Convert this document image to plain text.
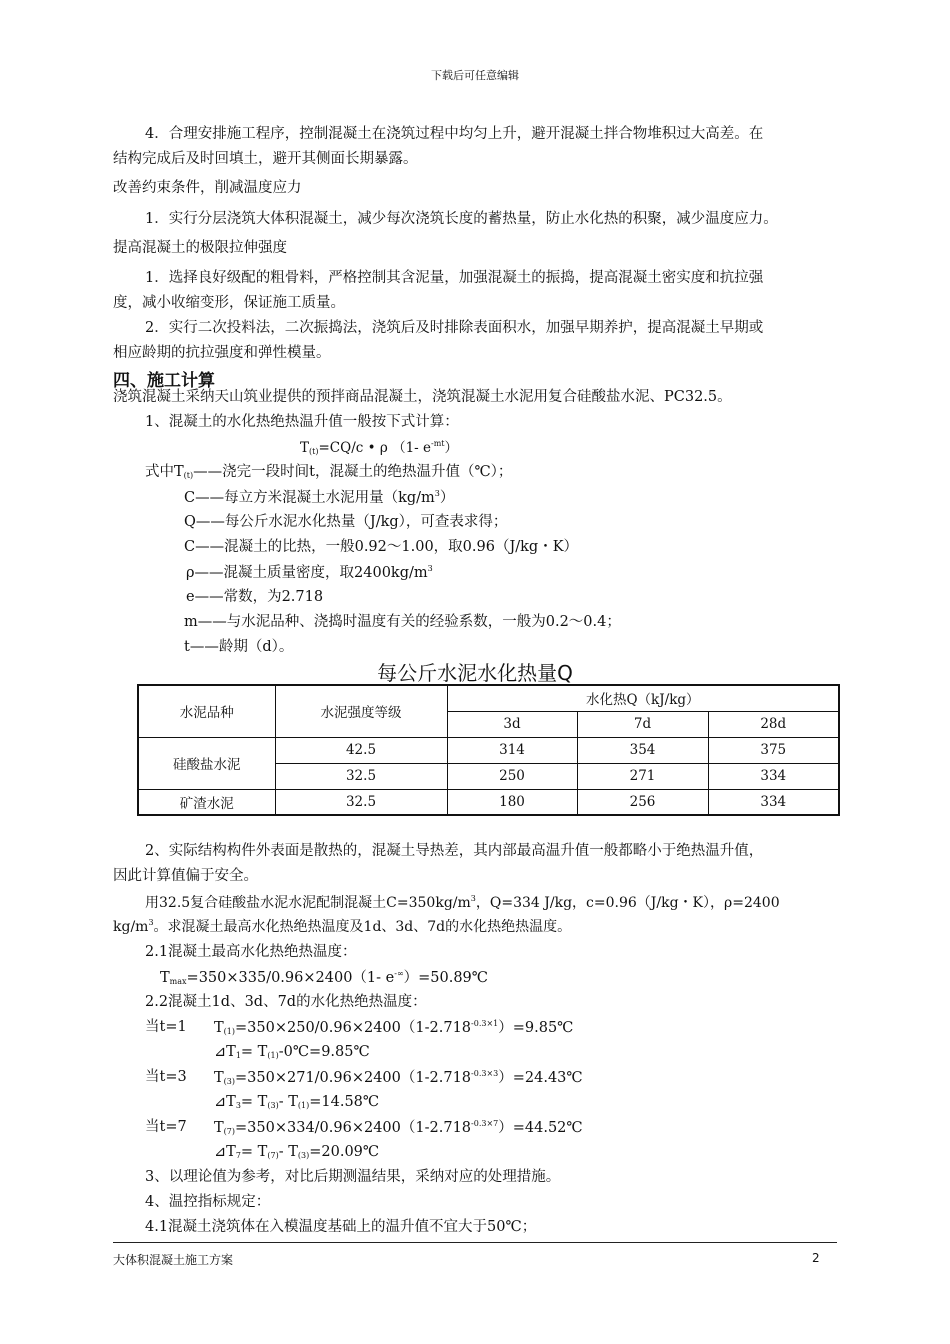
下载后可任意编辑
4．合理安排施工程序，控制混凝土在浇筑过程中均匀上升，避开混凝土拌合物堆积过大高差。在
结构完成后及时回填土，避开其侧面长期暴露。
改善约束条件，削减温度应力
1．实行分层浇筑大体积混凝土，减少每次浇筑长度的蓄热量，防止水化热的积聚，减少温度应力。
提高混凝土的极限拉伸强度
1．选择良好级配的粗骨料，严格控制其含泥量，加强混凝土的振捣，提高混凝土密实度和抗拉强
度，减小收缩变形，保证施工质量。
2．实行二次投料法，二次振捣法，浇筑后及时排除表面积水，加强早期养护，提高混凝土早期或
相应龄期的抗拉强度和弹性模量。
四、施工计算
浇筑混凝土采纳天山筑业提供的预拌商品混凝土，浇筑混凝土水泥用复合硅酸盐水泥、PC32.5。
1、混凝土的水化热绝热温升值一般按下式计算：
$T_{(t)}=CQ/c$ • ρ （1- $e^{-mt}$）
式中$T_{(t)}——$浇完一段时间t，混凝土的绝热温升值（℃）；
C——每立方米混凝土水泥用量$(kg/m^3)$
Q——每公斤水泥水化热量（J/kg），可查表求得；
C——混凝土的比热，一般0.92～1.00，取0.96（J/kg・K）
ρ——混凝土质量密度，取$2400kg/m^3$
e——常数，为2.718
m——与水泥品种、浇捣时温度有关的经验系数，一般为0.2～0.4；
t——龄期（d）。
每公斤水泥水化热量Q
水泥品种	水泥强度等级	水化热Q（kJ/kg）		
		3d	7d	28d
硅酸盐水泥	42.5	314	354	375
	32.5	250	271	334
矿渣水泥	32.5	180	256	334
2、实际结构构件外表面是散热的，混凝土导热差，其内部最高温升值一般都略小于绝热温升值，
因此计算值偏于安全。
用32.5复合硅酸盐水泥水泥配制混凝土$C=350kg/m^3$，Q=334 J/kg，c=0.96（J/kg・K），ρ=2400
$kg/m^3$。求混凝土最高水化热绝热温度及1d、3d、7d的水化热绝热温度。
2.1混凝土最高水化热绝热温度：
$T_{max}=350\times 335/0.96\times 2400(1-$ e-∞）=50.89℃
2.2混凝土1d、3d、7d的水化热绝热温度：
当t=1 $T_{(1)}=350\times 250/0.96\times 2400(1-2.718^{-0.3\times 1})=9.85℃$
$⊿T_1=$ $T_{(1)}-0℃=9.85℃$
当t=3 $T_{(3)}=350\times 271/0.96\times 2400(1-2.718^{-0.3\times 3})=24.43℃$
$⊿T_3= T_{(3)}-$ $T_{(1)}=14.58℃$
当t=7 $T_{(7)}=350\times 334/0.96\times 2400(1-2.718^{-0.3\times 7})=44.52℃$
$⊿T_7= T_{(7)}-$ $T_{(3)}=20.09℃$
3、以理论值为参考，对比后期测温结果，采纳对应的处理措施。
4、温控指标规定：
4.1混凝土浇筑体在入模温度基础上的温升值不宜大于50℃；
大体积混凝土施工方案	2
